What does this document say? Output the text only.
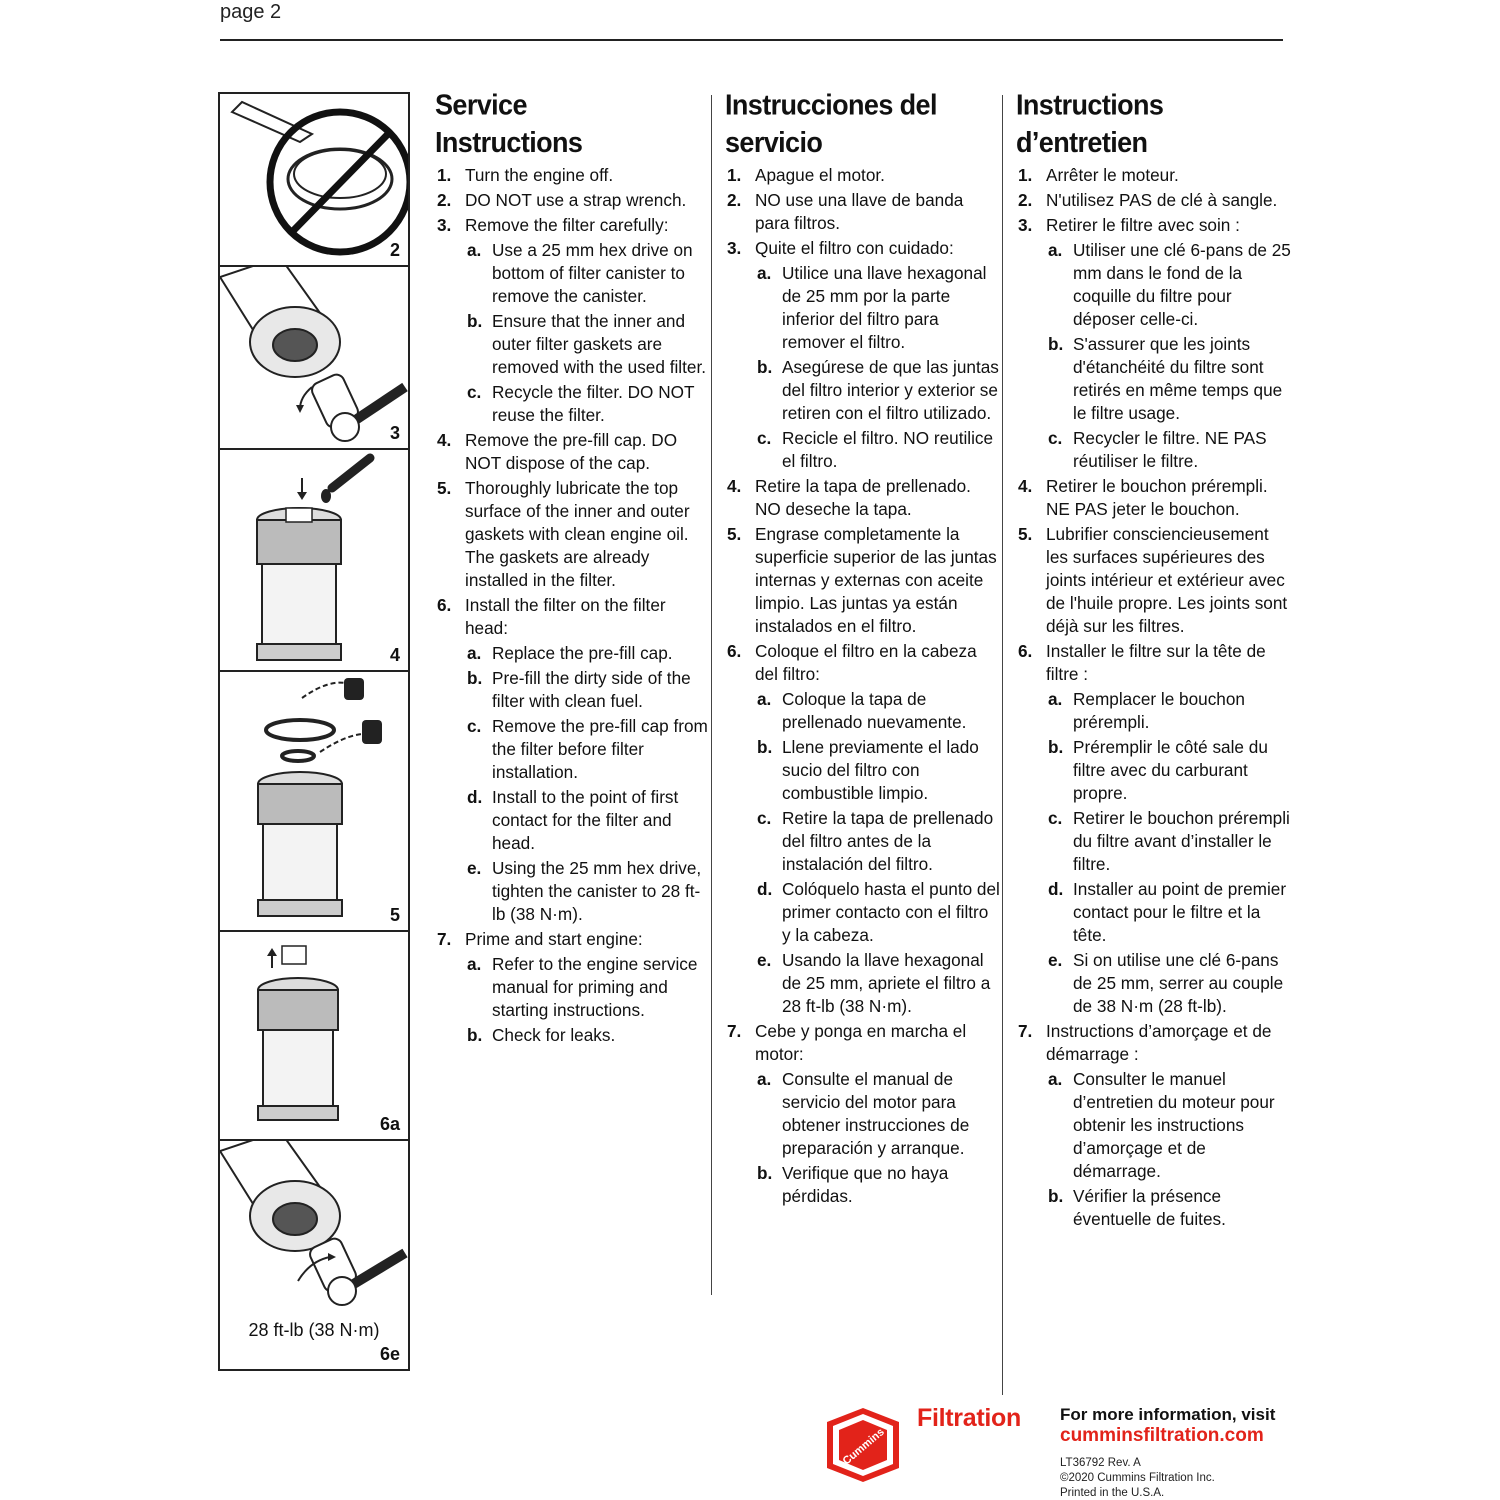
page 2
2
3
4
5
6a
28 ft-lb (38 N·m)
6e
Service
Instructions
1. Turn the engine off.
2. DO NOT use a strap wrench.
3. Remove the filter carefully:
a. Use a 25 mm hex drive on bottom of filter canister to remove the canister.
b. Ensure that the inner and outer filter gaskets are removed with the used filter.
c. Recycle the filter. DO NOT reuse the filter.
4. Remove the pre-fill cap. DO NOT dispose of the cap.
5. Thoroughly lubricate the top surface of the inner and outer gaskets with clean engine oil. The gaskets are already installed in the filter.
6. Install the filter on the filter head:
a. Replace the pre-fill cap.
b. Pre-fill the dirty side of the filter with clean fuel.
c. Remove the pre-fill cap from the filter before filter installation.
d. Install to the point of first contact for the filter and head.
e. Using the 25 mm hex drive, tighten the canister to 28 ft-lb (38 N·m).
7. Prime and start engine:
a. Refer to the engine service manual for priming and starting instructions.
b. Check for leaks.
Instrucciones del
servicio
1. Apague el motor.
2. NO use una llave de banda para filtros.
3. Quite el filtro con cuidado:
a. Utilice una llave hexagonal de 25 mm por la parte inferior del filtro para remover el filtro.
b. Asegúrese de que las juntas del filtro interior y exterior se retiren con el filtro utilizado.
c. Recicle el filtro. NO reutilice el filtro.
4. Retire la tapa de prellenado. NO deseche la tapa.
5. Engrase completamente la superficie superior de las juntas internas y externas con aceite limpio. Las juntas ya están instalados en el filtro.
6. Coloque el filtro en la cabeza del filtro:
a. Coloque la tapa de prellenado nuevamente.
b. Llene previamente el lado sucio del filtro con combustible limpio.
c. Retire la tapa de prellenado del filtro antes de la instalación del filtro.
d. Colóquelo hasta el punto del primer contacto con el filtro y la cabeza.
e. Usando la llave hexagonal de 25 mm, apriete el filtro a 28 ft-lb (38 N·m).
7. Cebe y ponga en marcha el motor:
a. Consulte el manual de servicio del motor para obtener instrucciones de preparación y arranque.
b. Verifique que no haya pérdidas.
Instructions
d’entretien
1. Arrêter le moteur.
2. N'utilisez PAS de clé à sangle.
3. Retirer le filtre avec soin :
a. Utiliser une clé 6-pans de 25 mm dans le fond de la coquille du filtre pour déposer celle-ci.
b. S'assurer que les joints d'étanchéité du filtre sont retirés en même temps que le filtre usage.
c. Recycler le filtre. NE PAS réutiliser le filtre.
4. Retirer le bouchon prérempli. NE PAS jeter le bouchon.
5. Lubrifier consciencieusement les surfaces supérieures des joints intérieur et extérieur avec de l'huile propre. Les joints sont déjà sur les filtres.
6. Installer le filtre sur la tête de filtre :
a. Remplacer le bouchon prérempli.
b. Préremplir le côté sale du filtre avec du carburant propre.
c. Retirer le bouchon prérempli du filtre avant d’installer le filtre.
d. Installer au point de premier contact pour le filtre et la tête.
e. Si on utilise une clé 6-pans de 25 mm, serrer au couple de 38 N·m (28 ft-lb).
7. Instructions d’amorçage et de démarrage :
a. Consulter le manuel d’entretien du moteur pour obtenir les instructions d’amorçage et de démarrage.
b. Vérifier la présence éventuelle de fuites.
Cummins
Filtration For more information, visit
cumminsfiltration.com
LT36792 Rev. A
©2020 Cummins Filtration Inc.
Printed in the U.S.A.
